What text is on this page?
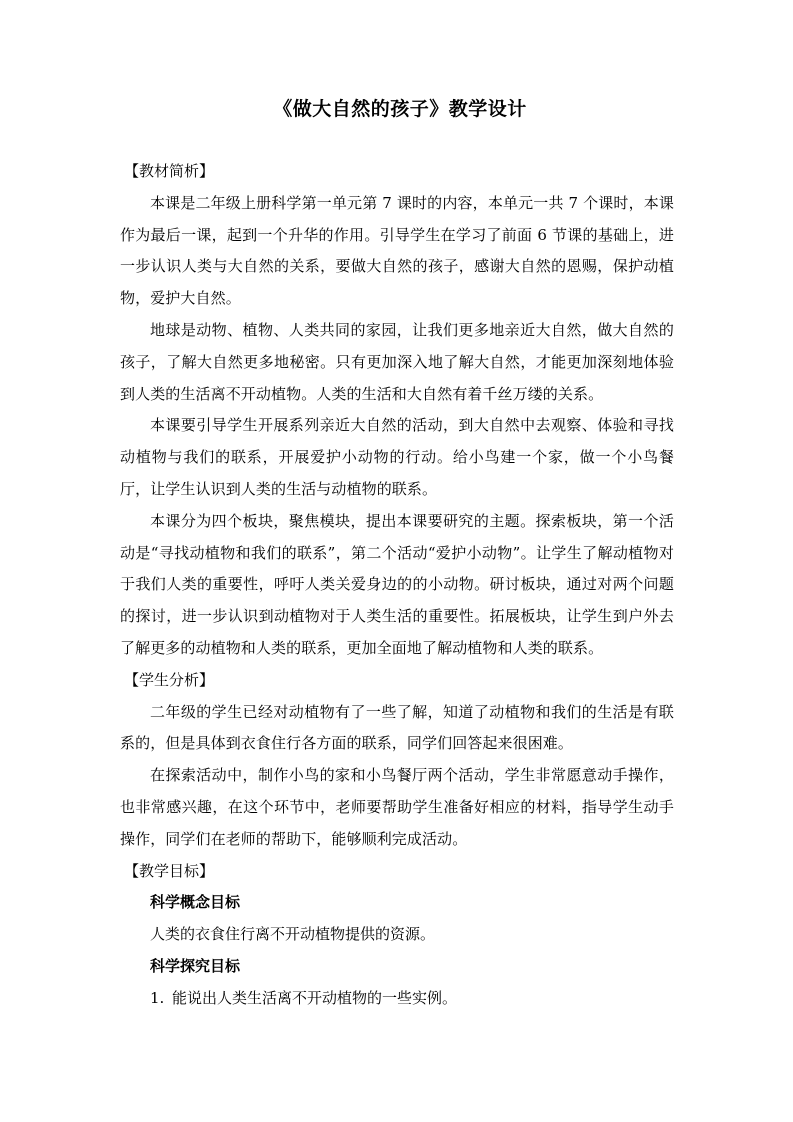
《做大自然的孩子》教学设计

【教材简析】

本课是二年级上册科学第一单元第 7 课时的内容，本单元一共 7 个课时，本课作为最后一课，起到一个升华的作用。引导学生在学习了前面 6 节课的基础上，进一步认识人类与大自然的关系，要做大自然的孩子，感谢大自然的恩赐，保护动植物，爱护大自然。

地球是动物、植物、人类共同的家园，让我们更多地亲近大自然，做大自然的孩子，了解大自然更多地秘密。只有更加深入地了解大自然，才能更加深刻地体验到人类的生活离不开动植物。人类的生活和大自然有着千丝万缕的关系。

本课要引导学生开展系列亲近大自然的活动，到大自然中去观察、体验和寻找动植物与我们的联系，开展爱护小动物的行动。给小鸟建一个家，做一个小鸟餐厅，让学生认识到人类的生活与动植物的联系。

本课分为四个板块，聚焦模块，提出本课要研究的主题。探索板块，第一个活动是“寻找动植物和我们的联系”，第二个活动“爱护小动物”。让学生了解动植物对于我们人类的重要性，呼吁人类关爱身边的的小动物。研讨板块，通过对两个问题的探讨，进一步认识到动植物对于人类生活的重要性。拓展板块，让学生到户外去了解更多的动植物和人类的联系，更加全面地了解动植物和人类的联系。

【学生分析】

二年级的学生已经对动植物有了一些了解，知道了动植物和我们的生活是有联系的，但是具体到衣食住行各方面的联系，同学们回答起来很困难。

在探索活动中，制作小鸟的家和小鸟餐厅两个活动，学生非常愿意动手操作，也非常感兴趣，在这个环节中，老师要帮助学生准备好相应的材料，指导学生动手操作，同学们在老师的帮助下，能够顺利完成活动。

【教学目标】

科学概念目标

人类的衣食住行离不开动植物提供的资源。

科学探究目标

1. 能说出人类生活离不开动植物的一些实例。
